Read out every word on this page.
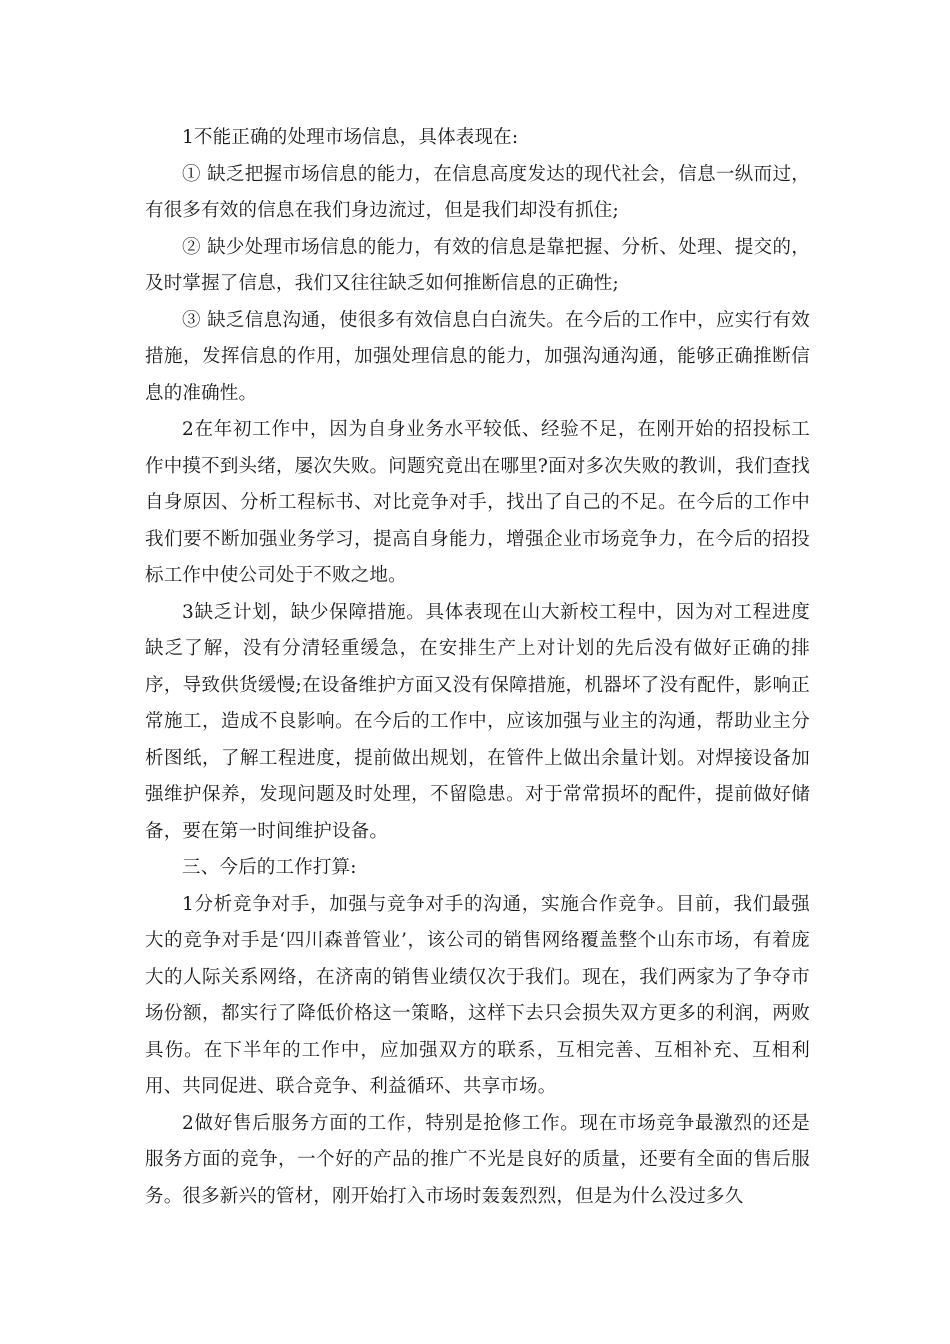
1不能正确的处理市场信息，具体表现在:

① 缺乏把握市场信息的能力，在信息高度发达的现代社会，信息一纵而过，有很多有效的信息在我们身边流过，但是我们却没有抓住;

② 缺少处理市场信息的能力，有效的信息是靠把握、分析、处理、提交的，及时掌握了信息，我们又往往缺乏如何推断信息的正确性;

③ 缺乏信息沟通，使很多有效信息白白流失。在今后的工作中，应实行有效措施，发挥信息的作用，加强处理信息的能力，加强沟通沟通，能够正确推断信息的准确性。

2在年初工作中，因为自身业务水平较低、经验不足，在刚开始的招投标工作中摸不到头绪，屡次失败。问题究竟出在哪里?面对多次失败的教训，我们查找自身原因、分析工程标书、对比竞争对手，找出了自己的不足。在今后的工作中我们要不断加强业务学习，提高自身能力，增强企业市场竞争力，在今后的招投标工作中使公司处于不败之地。

3缺乏计划，缺少保障措施。具体表现在山大新校工程中，因为对工程进度缺乏了解，没有分清轻重缓急，在安排生产上对计划的先后没有做好正确的排序，导致供货缓慢;在设备维护方面又没有保障措施，机器坏了没有配件，影响正常施工，造成不良影响。在今后的工作中，应该加强与业主的沟通，帮助业主分析图纸，了解工程进度，提前做出规划，在管件上做出余量计划。对焊接设备加强维护保养，发现问题及时处理，不留隐患。对于常常损坏的配件，提前做好储备，要在第一时间维护设备。

三、今后的工作打算:

1分析竞争对手，加强与竞争对手的沟通，实施合作竞争。目前，我们最强大的竞争对手是‘四川森普管业’，该公司的销售网络覆盖整个山东市场，有着庞大的人际关系网络，在济南的销售业绩仅次于我们。现在，我们两家为了争夺市场份额，都实行了降低价格这一策略，这样下去只会损失双方更多的利润，两败具伤。在下半年的工作中，应加强双方的联系，互相完善、互相补充、互相利用、共同促进、联合竞争、利益循环、共享市场。

2做好售后服务方面的工作，特别是抢修工作。现在市场竞争最激烈的还是服务方面的竞争，一个好的产品的推广不光是良好的质量，还要有全面的售后服务。很多新兴的管材，刚开始打入市场时轰轰烈烈，但是为什么没过多久
